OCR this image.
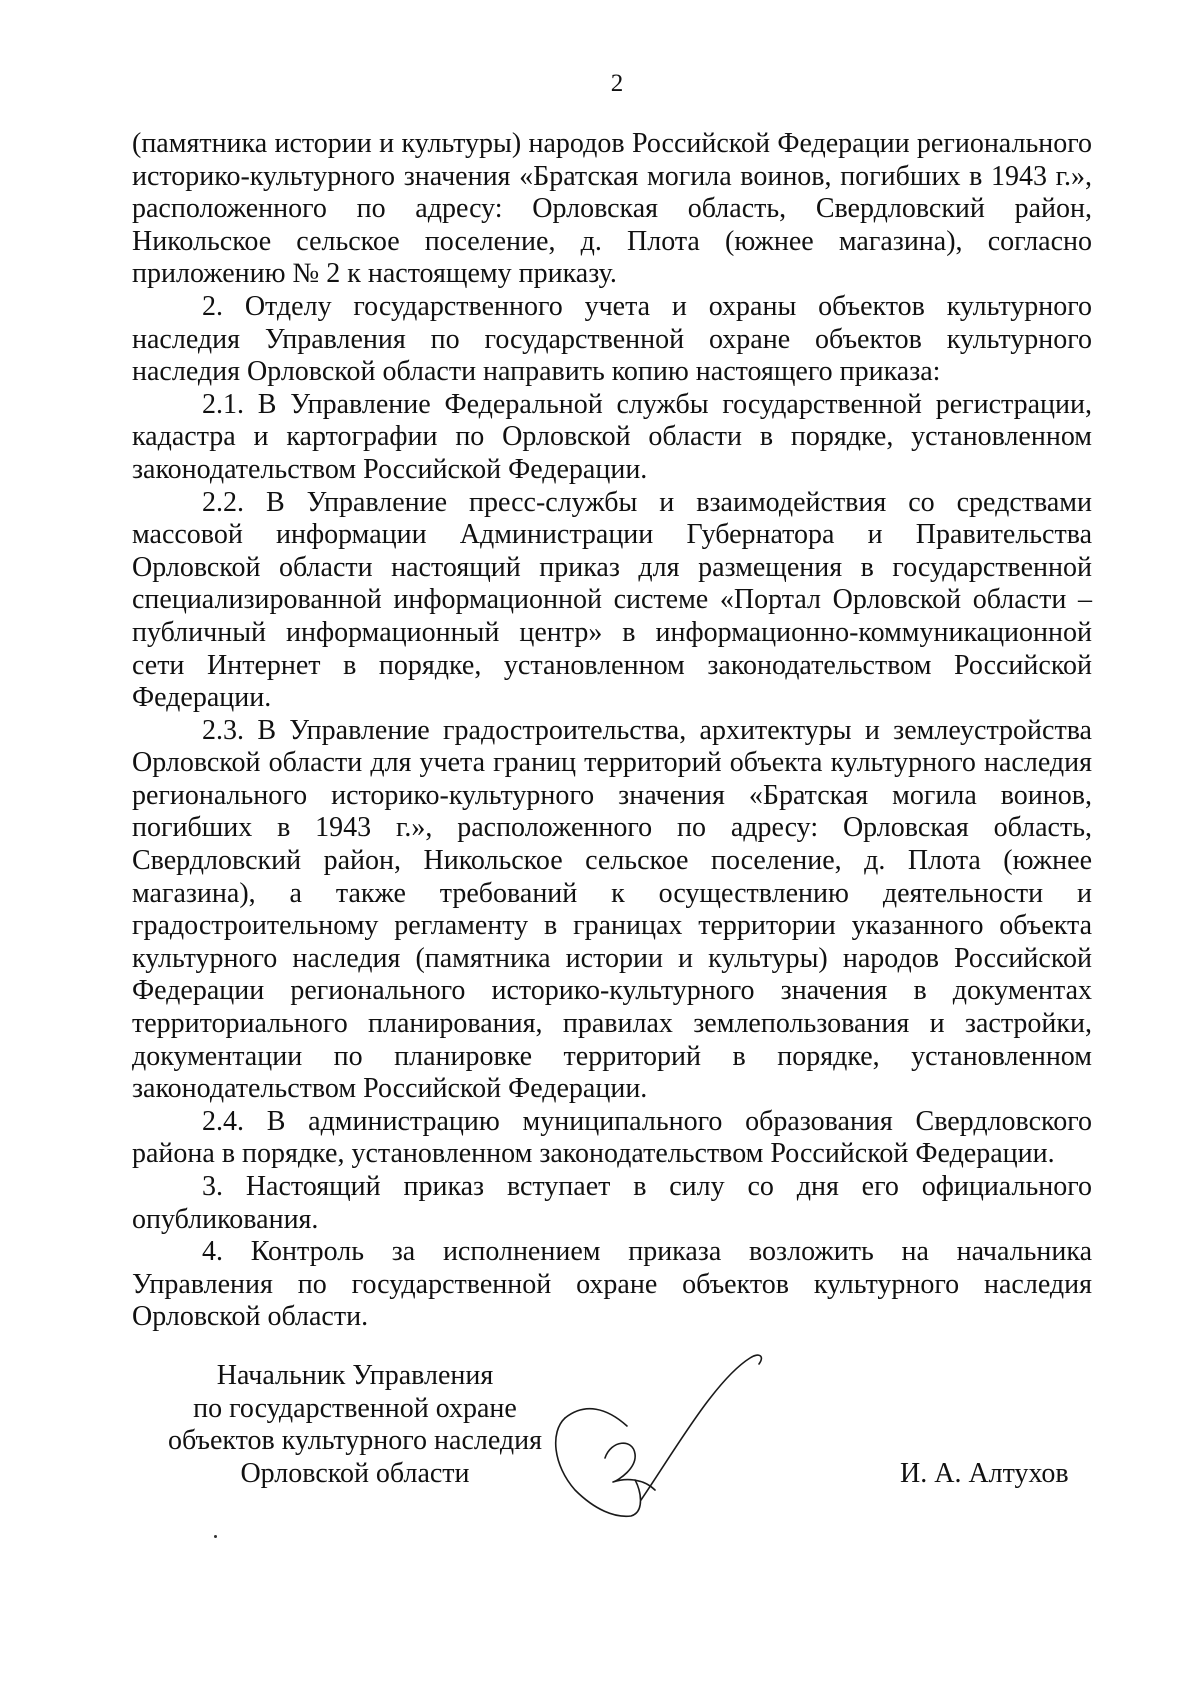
2

(памятника истории и культуры) народов Российской Федерации регионального историко-культурного значения «Братская могила воинов, погибших в 1943 г.», расположенного по адресу: Орловская область, Свердловский район, Никольское сельское поселение, д. Плота (южнее магазина), согласно приложению № 2 к настоящему приказу.

2. Отделу государственного учета и охраны объектов культурного наследия Управления по государственной охране объектов культурного наследия Орловской области направить копию настоящего приказа:

2.1. В Управление Федеральной службы государственной регистрации, кадастра и картографии по Орловской области в порядке, установленном законодательством Российской Федерации.

2.2. В Управление пресс-службы и взаимодействия со средствами массовой информации Администрации Губернатора и Правительства Орловской области настоящий приказ для размещения в государственной специализированной информационной системе «Портал Орловской области – публичный информационный центр» в информационно-коммуникационной сети Интернет в порядке, установленном законодательством Российской Федерации.

2.3. В Управление градостроительства, архитектуры и землеустройства Орловской области для учета границ территорий объекта культурного наследия регионального историко-культурного значения «Братская могила воинов, погибших в 1943 г.», расположенного по адресу: Орловская область, Свердловский район, Никольское сельское поселение, д. Плота (южнее магазина), а также требований к осуществлению деятельности и градостроительному регламенту в границах территории указанного объекта культурного наследия (памятника истории и культуры) народов Российской Федерации регионального историко-культурного значения в документах территориального планирования, правилах землепользования и застройки, документации по планировке территорий в порядке, установленном законодательством Российской Федерации.

2.4. В администрацию муниципального образования Свердловского района в порядке, установленном законодательством Российской Федерации.

3. Настоящий приказ вступает в силу со дня его официального опубликования.

4. Контроль за исполнением приказа возложить на начальника Управления по государственной охране объектов культурного наследия Орловской области.

Начальник Управления
по государственной охране
объектов культурного наследия
Орловской области	И. А. Алтухов
